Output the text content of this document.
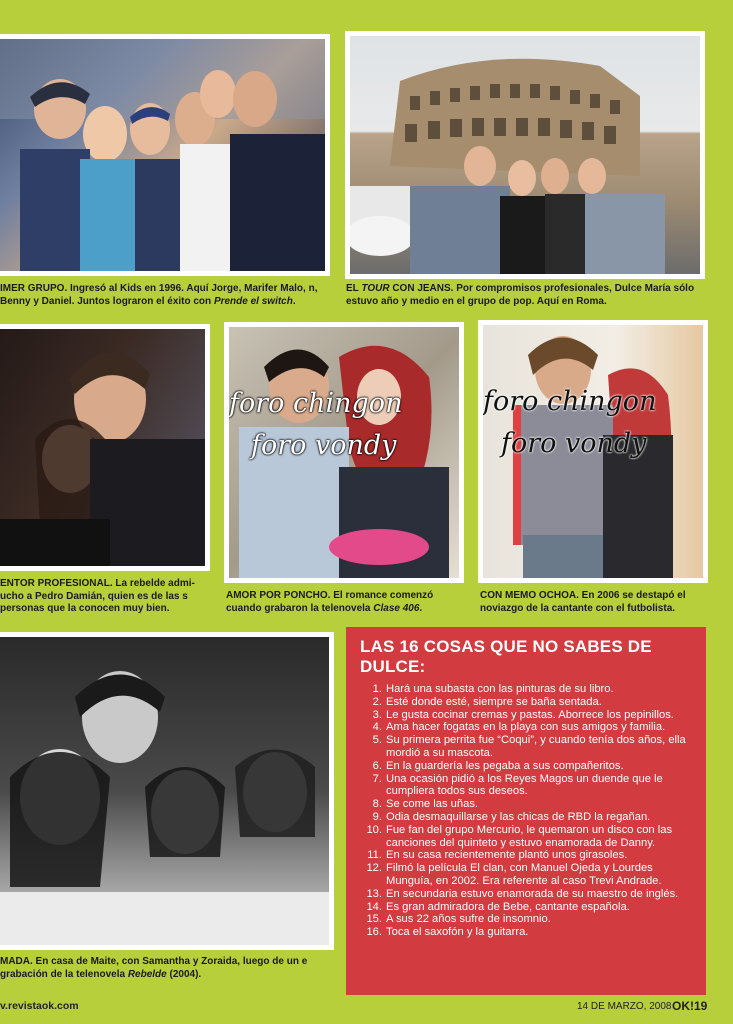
IMER GRUPO. Ingresó al Kids en 1996. Aquí Jorge, Marifer Malo, n, Benny y Daniel. Juntos lograron el éxito con Prende el switch.
EL TOUR CON JEANS. Por compromisos profesionales, Dulce María sólo estuvo año y medio en el grupo de pop. Aquí en Roma.
foro chingon
foro vondy
foro chingon
foro vondy
ENTOR PROFESIONAL. La rebelde admi-ucho a Pedro Damián, quien es de las s personas que la conocen muy bien.
AMOR POR PONCHO. El romance comenzó cuando grabaron la telenovela Clase 406.
CON MEMO OCHOA. En 2006 se destapó el noviazgo de la cantante con el futbolista.
MADA. En casa de Maite, con Samantha y Zoraida, luego de un e grabación de la telenovela Rebelde (2004).
LAS 16 COSAS QUE NO SABES DE DULCE:
1. Hará una subasta con las pinturas de su libro.
2. Esté donde esté, siempre se baña sentada.
3. Le gusta cocinar cremas y pastas. Aborrece los pepinillos.
4. Ama hacer fogatas en la playa con sus amigos y familia.
5. Su primera perrita fue “Coqui”, y cuando tenía dos años, ella mordió a su mascota.
6. En la guardería les pegaba a sus compañeritos.
7. Una ocasión pidió a los Reyes Magos un duende que le cumpliera todos sus deseos.
8. Se come las uñas.
9. Odia desmaquillarse y las chicas de RBD la regañan.
10. Fue fan del grupo Mercurio, le quemaron un disco con las canciones del quinteto y estuvo enamorada de Danny.
11. En su casa recientemente plantó unos girasoles.
12. Filmó la película El clan, con Manuel Ojeda y Lourdes Munguía, en 2002. Era referente al caso Trevi Andrade.
13. En secundaria estuvo enamorada de su maestro de inglés.
14. Es gran admiradora de Bebe, cantante española.
15. A sus 22 años sufre de insomnio.
16. Toca el saxofón y la guitarra.
v.revistaok.com	14 DE MARZO, 2008 OK! 19
